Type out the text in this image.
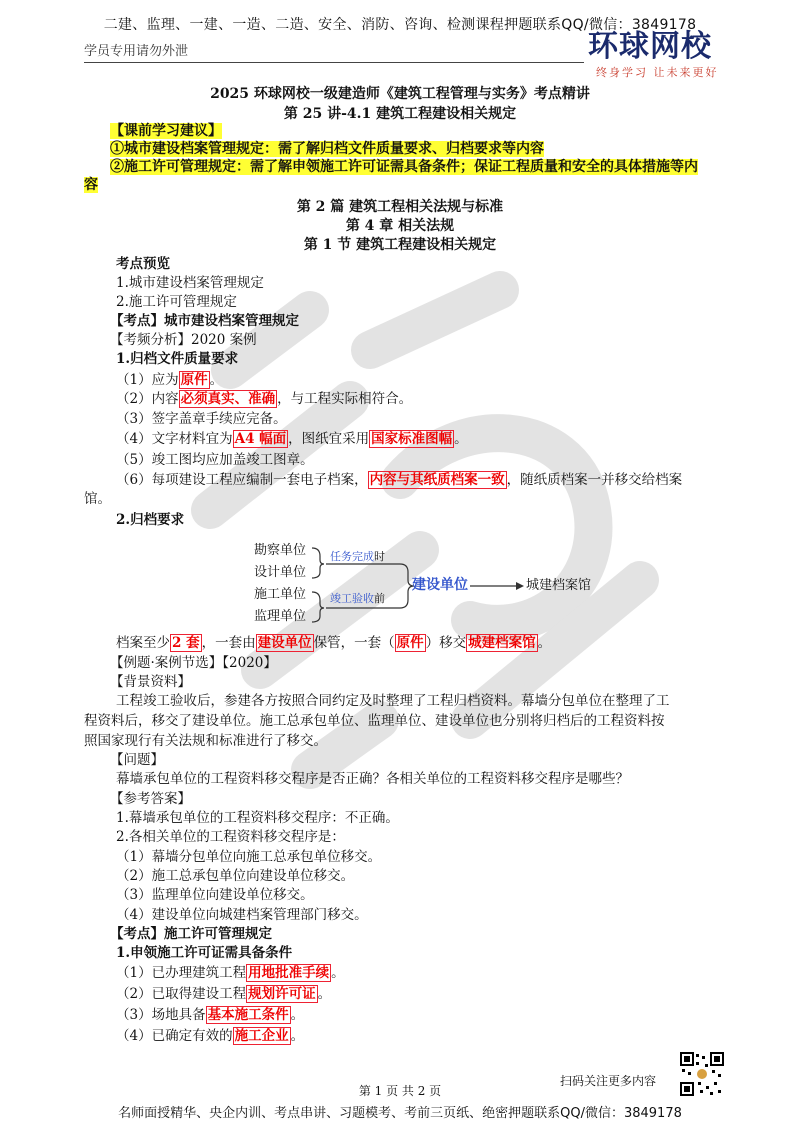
二建、监理、一建、一造、二造、安全、消防、咨询、检测课程押题联系QQ/微信：3849178
学员专用请勿外泄	环球网校
终身学习 让未来更好
2025 环球网校一级建造师《建筑工程管理与实务》考点精讲
第 25 讲-4.1 建筑工程建设相关规定
【课前学习建议】
①城市建设档案管理规定：需了解归档文件质量要求、归档要求等内容
②施工许可管理规定：需了解申领施工许可证需具备条件；保证工程质量和安全的具体措施等内
容
第 2 篇 建筑工程相关法规与标准
第 4 章 相关法规
第 1 节 建筑工程建设相关规定
考点预览
1.城市建设档案管理规定
2.施工许可管理规定
【考点】城市建设档案管理规定
【考频分析】2020 案例
1.归档文件质量要求
（1）应为 原件 。
（2）内容 必须真实、准确 ，与工程实际相符合。
（3）签字盖章手续应完备。
（4）文字材料宜为 A4 幅面 ，图纸宜采用 国家标准图幅 。
（5）竣工图均应加盖竣工图章。
（6）每项建设工程应编制一套电子档案， 内容与其纸质档案一致 ，随纸质档案一并移交给档案
馆。
2.归档要求
勘察单位
设计单位
施工单位
监理单位
任务完成时
竣工验收前
建设单位	城建档案馆
档案至少 2 套 ，一套由 建设单位 保管，一套（ 原件 ）移交 城建档案馆 。
【例题·案例节选】【2020】
【背景资料】
工程竣工验收后，参建各方按照合同约定及时整理了工程归档资料。幕墙分包单位在整理了工
程资料后，移交了建设单位。施工总承包单位、监理单位、建设单位也分别将归档后的工程资料按
照国家现行有关法规和标准进行了移交。
【问题】
幕墙承包单位的工程资料移交程序是否正确？各相关单位的工程资料移交程序是哪些？
【参考答案】
1.幕墙承包单位的工程资料移交程序：不正确。
2.各相关单位的工程资料移交程序是：
（1）幕墙分包单位向施工总承包单位移交。
（2）施工总承包单位向建设单位移交。
（3）监理单位向建设单位移交。
（4）建设单位向城建档案管理部门移交。
【考点】施工许可管理规定
1.申领施工许可证需具备条件
（1）已办理建筑工程 用地批准手续 。
（2）已取得建设工程 规划许可证 。
（3）场地具备 基本施工条件 。
（4）已确定有效的 施工企业 。
扫码关注更多内容
第 1 页 共 2 页
名师面授精华、央企内训、考点串讲、习题模考、考前三页纸、绝密押题联系QQ/微信：3849178
